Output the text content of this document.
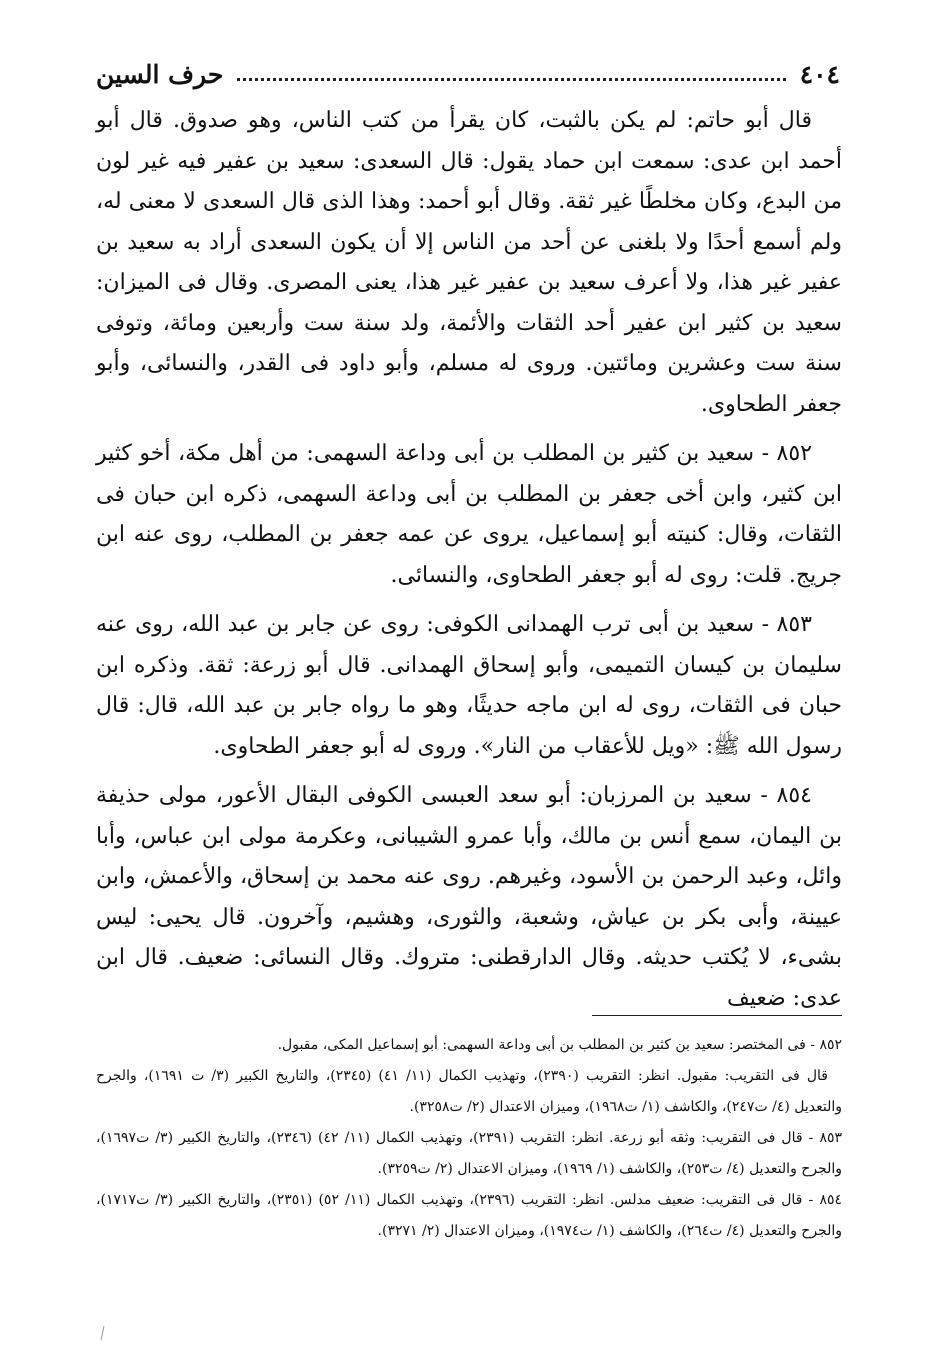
٤٠٤
حرف السين

قال أبو حاتم: لم يكن بالثبت، كان يقرأ من كتب الناس، وهو صدوق. قال أبو أحمد ابن عدى: سمعت ابن حماد يقول: قال السعدى: سعيد بن عفير فيه غير لون من البدع، وكان مخلطًا غير ثقة. وقال أبو أحمد: وهذا الذى قال السعدى لا معنى له، ولم أسمع أحدًا ولا بلغنى عن أحد من الناس إلا أن يكون السعدى أراد به سعيد بن عفير غير هذا، ولا أعرف سعيد بن عفير غير هذا، يعنى المصرى. وقال فى الميزان: سعيد بن كثير ابن عفير أحد الثقات والأئمة، ولد سنة ست وأربعين ومائة، وتوفى سنة ست وعشرين ومائتين. وروى له مسلم، وأبو داود فى القدر، والنسائى، وأبو جعفر الطحاوى.

٨٥٢ - سعيد بن كثير بن المطلب بن أبى وداعة السهمى: من أهل مكة، أخو كثير ابن كثير، وابن أخى جعفر بن المطلب بن أبى وداعة السهمى، ذكره ابن حبان فى الثقات، وقال: كنيته أبو إسماعيل، يروى عن عمه جعفر بن المطلب، روى عنه ابن جريج. قلت: روى له أبو جعفر الطحاوى، والنسائى.

٨٥٣ - سعيد بن أبى ترب الهمدانى الكوفى: روى عن جابر بن عبد الله، روى عنه سليمان بن كيسان التميمى، وأبو إسحاق الهمدانى. قال أبو زرعة: ثقة. وذكره ابن حبان فى الثقات، روى له ابن ماجه حديثًا، وهو ما رواه جابر بن عبد الله، قال: قال رسول الله ﷺ: «ويل للأعقاب من النار». وروى له أبو جعفر الطحاوى.

٨٥٤ - سعيد بن المرزبان: أبو سعد العبسى الكوفى البقال الأعور، مولى حذيفة بن اليمان، سمع أنس بن مالك، وأبا عمرو الشيبانى، وعكرمة مولى ابن عباس، وأبا وائل، وعبد الرحمن بن الأسود، وغيرهم. روى عنه محمد بن إسحاق، والأعمش، وابن عيينة، وأبى بكر بن عياش، وشعبة، والثورى، وهشيم، وآخرون. قال يحيى: ليس بشىء، لا يُكتب حديثه. وقال الدارقطنى: متروك. وقال النسائى: ضعيف. قال ابن عدى: ضعيف

٨٥٢ - فى المختصر: سعيد بن كثير بن المطلب بن أبى وداعة السهمى: أبو إسماعيل المكى، مقبول.

قال فى التقريب: مقبول. انظر: التقريب (٢٣٩٠)، وتهذيب الكمال (١١/ ٤١) (٢٣٤٥)، والتاريخ الكبير (٣/ ت ١٦٩١)، والجرح والتعديل (٤/ ت٢٤٧)، والكاشف (١/ ت١٩٦٨)، وميزان الاعتدال (٢/ ت٣٢٥٨).

٨٥٣ - قال فى التقريب: وثقه أبو زرعة. انظر: التقريب (٢٣٩١)، وتهذيب الكمال (١١/ ٤٢) (٢٣٤٦)، والتاريخ الكبير (٣/ ت١٦٩٧)، والجرح والتعديل (٤/ ت٢٥٣)، والكاشف (١/ ١٩٦٩)، وميزان الاعتدال (٢/ ت٣٢٥٩).

٨٥٤ - قال فى التقريب: ضعيف مدلس. انظر: التقريب (٢٣٩٦)، وتهذيب الكمال (١١/ ٥٢) (٢٣٥١)، والتاريخ الكبير (٣/ ت١٧١٧)، والجرح والتعديل (٤/ ت٢٦٤)، والكاشف (١/ ت١٩٧٤)، وميزان الاعتدال (٢/ ٣٢٧١).
